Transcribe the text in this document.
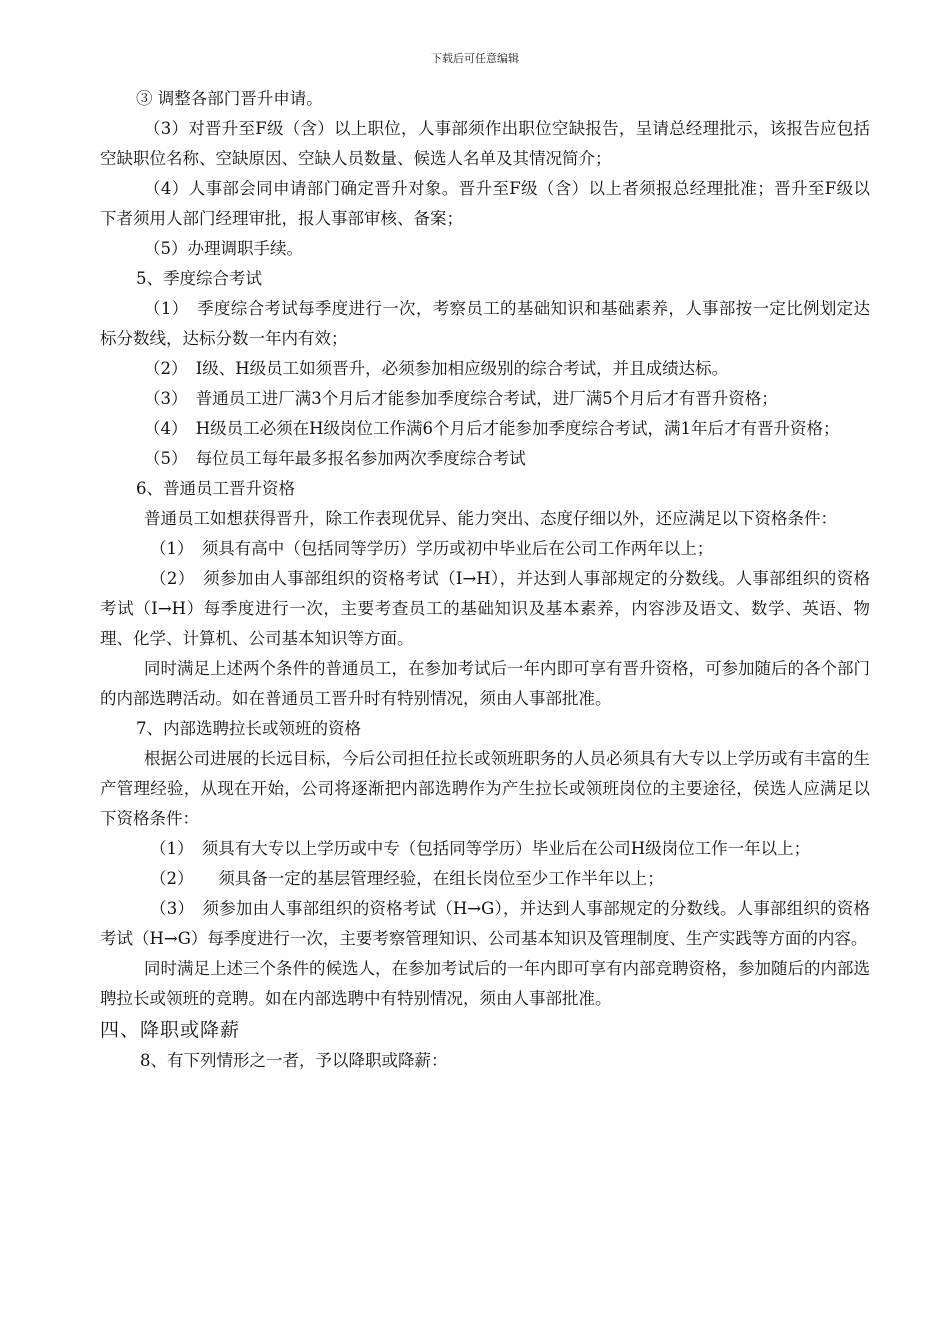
下载后可任意编辑

③ 调整各部门晋升申请。

（3）对晋升至F级（含）以上职位，人事部须作出职位空缺报告，呈请总经理批示，该报告应包括空缺职位名称、空缺原因、空缺人员数量、候选人名单及其情况简介；

（4）人事部会同申请部门确定晋升对象。晋升至F级（含）以上者须报总经理批准；晋升至F级以下者须用人部门经理审批，报人事部审核、备案；

（5）办理调职手续。

5、季度综合考试

（1）　季度综合考试每季度进行一次，考察员工的基础知识和基础素养，人事部按一定比例划定达标分数线，达标分数一年内有效；

（2）　I级、H级员工如须晋升，必须参加相应级别的综合考试，并且成绩达标。

（3）　普通员工进厂满3个月后才能参加季度综合考试，进厂满5个月后才有晋升资格；

（4）　H级员工必须在H级岗位工作满6个月后才能参加季度综合考试，满1年后才有晋升资格；

（5）　每位员工每年最多报名参加两次季度综合考试

6、普通员工晋升资格

普通员工如想获得晋升，除工作表现优异、能力突出、态度仔细以外，还应满足以下资格条件：

（1）　须具有高中（包括同等学历）学历或初中毕业后在公司工作两年以上；

（2）　须参加由人事部组织的资格考试（I→H），并达到人事部规定的分数线。人事部组织的资格考试（I→H）每季度进行一次，主要考查员工的基础知识及基本素养，内容涉及语文、数学、英语、物理、化学、计算机、公司基本知识等方面。

同时满足上述两个条件的普通员工，在参加考试后一年内即可享有晋升资格，可参加随后的各个部门的内部选聘活动。如在普通员工晋升时有特别情况，须由人事部批准。

7、内部选聘拉长或领班的资格

根据公司进展的长远目标，今后公司担任拉长或领班职务的人员必须具有大专以上学历或有丰富的生产管理经验，从现在开始，公司将逐渐把内部选聘作为产生拉长或领班岗位的主要途径，侯选人应满足以下资格条件：

（1）　须具有大专以上学历或中专（包括同等学历）毕业后在公司H级岗位工作一年以上；

（2）　　须具备一定的基层管理经验，在组长岗位至少工作半年以上；

（3）　须参加由人事部组织的资格考试（H→G），并达到人事部规定的分数线。人事部组织的资格考试（H→G）每季度进行一次，主要考察管理知识、公司基本知识及管理制度、生产实践等方面的内容。

同时满足上述三个条件的候选人，在参加考试后的一年内即可享有内部竞聘资格，参加随后的内部选聘拉长或领班的竞聘。如在内部选聘中有特别情况，须由人事部批准。

四、降职或降薪

8、有下列情形之一者，予以降职或降薪：
